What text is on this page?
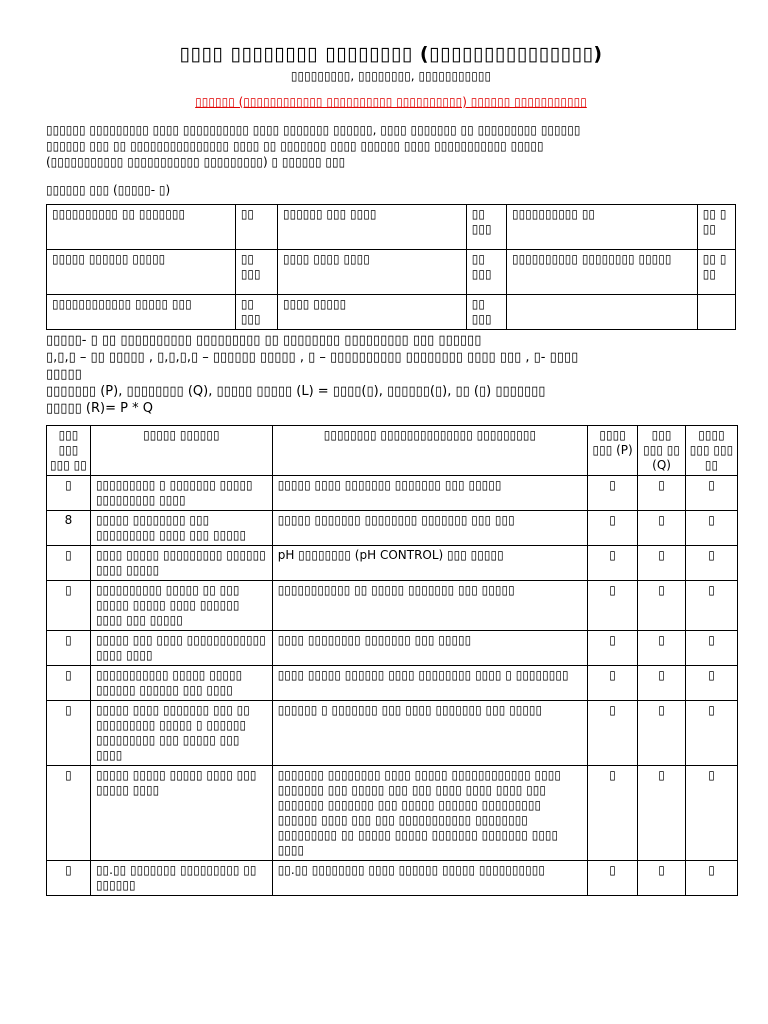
▯▯▯▯ ▯▯▯▯▯▯▯▯ ▯▯▯▯▯▯▯▯ (▯▯▯▯▯▯▯▯▯▯▯▯▯▯▯)

▯▯▯▯▯▯▯▯▯, ▯▯▯▯▯▯▯▯, ▯▯▯▯▯▯▯▯▯▯▯

▯▯▯▯▯▯ (▯▯▯▯▯▯▯▯▯▯▯▯ ▯▯▯▯▯▯▯▯▯▯ ▯▯▯▯▯▯▯▯▯▯) ▯▯▯▯▯▯ ▯▯▯▯▯▯▯▯▯▯▯

▯▯▯▯▯▯ ▯▯▯▯▯▯▯▯▯ ▯▯▯▯ ▯▯▯▯▯▯▯▯▯▯ ▯▯▯▯ ▯▯▯▯▯▯▯ ▯▯▯▯▯▯, ▯▯▯▯ ▯▯▯▯▯▯▯ ▯▯ ▯▯▯▯▯▯▯▯▯ ▯▯▯▯▯▯
▯▯▯▯▯▯ ▯▯▯ ▯▯ ▯▯▯▯▯▯▯▯▯▯▯▯▯▯▯ ▯▯▯▯ ▯▯ ▯▯▯▯▯▯▯ ▯▯▯▯ ▯▯▯▯▯▯ ▯▯▯▯ ▯▯▯▯▯▯▯▯▯▯▯ ▯▯▯▯▯
(▯▯▯▯▯▯▯▯▯▯▯ ▯▯▯▯▯▯▯▯▯▯▯ ▯▯▯▯▯▯▯▯▯) ▯ ▯▯▯▯▯▯ ▯▯▯
▯▯▯▯▯▯ ▯▯▯ (▯▯▯▯▯- ▯)
▯▯▯▯▯▯▯▯▯▯ ▯▯ ▯▯▯▯▯▯▯	▯▯	▯▯▯▯▯▯ ▯▯▯ ▯▯▯▯	▯▯ ▯▯▯	▯▯▯▯▯▯▯▯▯▯ ▯▯	▯▯ ▯ ▯▯
▯▯▯▯▯ ▯▯▯▯▯▯ ▯▯▯▯▯	▯▯ ▯▯▯	▯▯▯▯ ▯▯▯▯ ▯▯▯▯	▯▯ ▯▯▯	▯▯▯▯▯▯▯▯▯▯ ▯▯▯▯▯▯▯▯ ▯▯▯▯▯	▯▯ ▯ ▯▯
▯▯▯▯▯▯▯▯▯▯▯▯ ▯▯▯▯▯ ▯▯▯	▯▯ ▯▯▯	▯▯▯▯ ▯▯▯▯▯	▯▯ ▯▯▯		
▯▯▯▯▯- ▯ ▯▯ ▯▯▯▯▯▯▯▯▯▯ ▯▯▯▯▯▯▯▯▯ ▯▯ ▯▯▯▯▯▯▯▯ ▯▯▯▯▯▯▯▯▯ ▯▯▯ ▯▯▯▯▯▯
▯,▯,▯ – ▯▯ ▯▯▯▯▯ , ▯,▯,▯,▯ – ▯▯▯▯▯▯ ▯▯▯▯▯ , ▯ – ▯▯▯▯▯▯▯▯▯▯ ▯▯▯▯▯▯▯▯ ▯▯▯▯ ▯▯▯ , ▯- ▯▯▯▯
▯▯▯▯▯
▯▯▯▯▯▯▯ (P), ▯▯▯▯▯▯▯▯ (Q), ▯▯▯▯▯ ▯▯▯▯▯ (L) = ▯▯▯▯(▯), ▯▯▯▯▯▯(▯), ▯▯ (▯) ▯▯▯▯▯▯▯
▯▯▯▯▯ (R)= P * Q
▯▯▯ ▯▯▯ ▯▯▯ ▯▯	▯▯▯▯▯ ▯▯▯▯▯▯	▯▯▯▯▯▯▯▯ ▯▯▯▯▯▯▯▯▯▯▯▯▯▯ ▯▯▯▯▯▯▯▯▯	▯▯▯▯ ▯▯▯ (P)	▯▯▯ ▯▯▯ ▯▯ (Q)	▯▯▯▯ ▯▯▯ ▯▯▯ ▯▯
▯	▯▯▯▯▯▯▯▯▯ ▯ ▯▯▯▯▯▯▯ ▯▯▯▯▯ ▯▯▯▯▯▯▯▯▯ ▯▯▯▯	▯▯▯▯▯ ▯▯▯▯ ▯▯▯▯▯▯▯ ▯▯▯▯▯▯▯ ▯▯▯ ▯▯▯▯▯	▯	▯	▯
8	▯▯▯▯▯ ▯▯▯▯▯▯▯▯ ▯▯▯ ▯▯▯▯▯▯▯▯▯ ▯▯▯▯ ▯▯▯ ▯▯▯▯▯	▯▯▯▯▯ ▯▯▯▯▯▯▯ ▯▯▯▯▯▯▯▯ ▯▯▯▯▯▯▯ ▯▯▯ ▯▯▯	▯	▯	▯
▯	▯▯▯▯ ▯▯▯▯▯ ▯▯▯▯▯▯▯▯▯ ▯▯▯▯▯▯ ▯▯▯▯ ▯▯▯▯▯	pH ▯▯▯▯▯▯▯▯ (pH CONTROL) ▯▯▯ ▯▯▯▯▯	▯	▯	▯
▯	▯▯▯▯▯▯▯▯▯▯ ▯▯▯▯▯ ▯▯ ▯▯▯ ▯▯▯▯▯ ▯▯▯▯▯ ▯▯▯▯ ▯▯▯▯▯▯ ▯▯▯▯ ▯▯▯ ▯▯▯▯▯	▯▯▯▯▯▯▯▯▯▯▯ ▯▯ ▯▯▯▯▯ ▯▯▯▯▯▯▯ ▯▯▯ ▯▯▯▯▯	▯	▯	▯
▯	▯▯▯▯▯ ▯▯▯ ▯▯▯▯ ▯▯▯▯▯▯▯▯▯▯▯▯ ▯▯▯▯ ▯▯▯▯	▯▯▯▯ ▯▯▯▯▯▯▯▯ ▯▯▯▯▯▯▯ ▯▯▯ ▯▯▯▯▯	▯	▯	▯
▯	▯▯▯▯▯▯▯▯▯▯▯ ▯▯▯▯▯ ▯▯▯▯▯ ▯▯▯▯▯▯ ▯▯▯▯▯▯ ▯▯▯ ▯▯▯▯	▯▯▯▯ ▯▯▯▯▯ ▯▯▯▯▯▯ ▯▯▯▯ ▯▯▯▯▯▯▯▯ ▯▯▯▯ ▯ ▯▯▯▯▯▯▯▯	▯	▯	▯
▯	▯▯▯▯▯ ▯▯▯▯ ▯▯▯▯▯▯▯ ▯▯▯ ▯▯ ▯▯▯▯▯▯▯▯▯ ▯▯▯▯▯ ▯ ▯▯▯▯▯▯ ▯▯▯▯▯▯▯▯▯ ▯▯▯ ▯▯▯▯▯ ▯▯▯ ▯▯▯▯	▯▯▯▯▯▯ ▯ ▯▯▯▯▯▯▯ ▯▯▯ ▯▯▯▯ ▯▯▯▯▯▯▯ ▯▯▯ ▯▯▯▯▯	▯	▯	▯
▯	▯▯▯▯▯ ▯▯▯▯▯ ▯▯▯▯▯ ▯▯▯▯ ▯▯▯ ▯▯▯▯▯ ▯▯▯▯	▯▯▯▯▯▯▯ ▯▯▯▯▯▯▯▯ ▯▯▯▯ ▯▯▯▯▯ ▯▯▯▯▯▯▯▯▯▯▯▯ ▯▯▯▯ ▯▯▯▯▯▯▯ ▯▯▯ ▯▯▯▯▯ ▯▯▯ ▯▯▯ ▯▯▯▯ ▯▯▯▯ ▯▯▯▯ ▯▯▯ ▯▯▯▯▯▯▯ ▯▯▯▯▯▯▯ ▯▯▯ ▯▯▯▯▯ ▯▯▯▯▯▯ ▯▯▯▯▯▯▯▯▯ ▯▯▯▯▯▯ ▯▯▯▯ ▯▯▯ ▯▯▯ ▯▯▯▯▯▯▯▯▯▯▯ ▯▯▯▯▯▯▯▯ ▯▯▯▯▯▯▯▯▯ ▯▯ ▯▯▯▯▯ ▯▯▯▯▯ ▯▯▯▯▯▯▯ ▯▯▯▯▯▯▯ ▯▯▯▯ ▯▯▯▯	▯	▯	▯
▯	▯▯.▯▯ ▯▯▯▯▯▯▯ ▯▯▯▯▯▯▯▯▯ ▯▯ ▯▯▯▯▯▯	▯▯.▯▯ ▯▯▯▯▯▯▯▯ ▯▯▯▯ ▯▯▯▯▯▯ ▯▯▯▯▯ ▯▯▯▯▯▯▯▯▯▯	▯	▯	▯
